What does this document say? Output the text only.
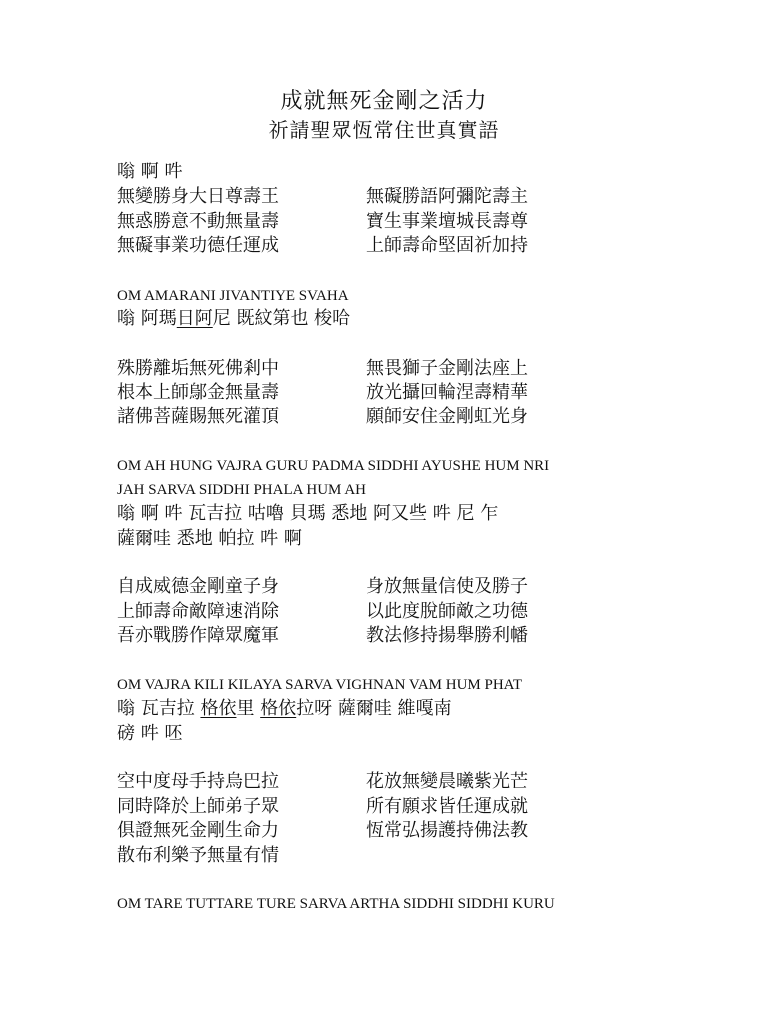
成就無死金剛之活力
祈請聖眾恆常住世真實語
嗡 啊 吽
無變勝身大日尊壽王	無礙勝語阿彌陀壽主
無惑勝意不動無量壽	寶生事業壇城長壽尊
無礙事業功德任運成	上師壽命堅固祈加持
OM AMARANI JIVANTIYE SVAHA
嗡 阿瑪日阿尼 既紋第也 梭哈
殊勝離垢無死佛剎中	無畏獅子金剛法座上
根本上師鄔金無量壽	放光攝回輪涅壽精華
諸佛菩薩賜無死灌頂	願師安住金剛虹光身
OM AH HUNG VAJRA GURU PADMA SIDDHI AYUSHE HUM NRI
JAH SARVA SIDDHI PHALA HUM AH
嗡 啊 吽 瓦吉拉 咕嚕 貝瑪 悉地 阿又些 吽 尼 乍
薩爾哇 悉地 帕拉 吽 啊
自成威德金剛童子身	身放無量信使及勝子
上師壽命敵障速消除	以此度脫師敵之功德
吾亦戰勝作障眾魔軍	教法修持揚舉勝利幡
OM VAJRA KILI KILAYA SARVA VIGHNAN VAM HUM PHAT
嗡 瓦吉拉 格依里 格依拉呀 薩爾哇 維嘎南
磅 吽 呸
空中度母手持烏巴拉	花放無變晨曦紫光芒
同時降於上師弟子眾	所有願求皆任運成就
俱證無死金剛生命力	恆常弘揚護持佛法教
散布利樂予無量有情
OM TARE TUTTARE TURE SARVA ARTHA SIDDHI SIDDHI KURU
